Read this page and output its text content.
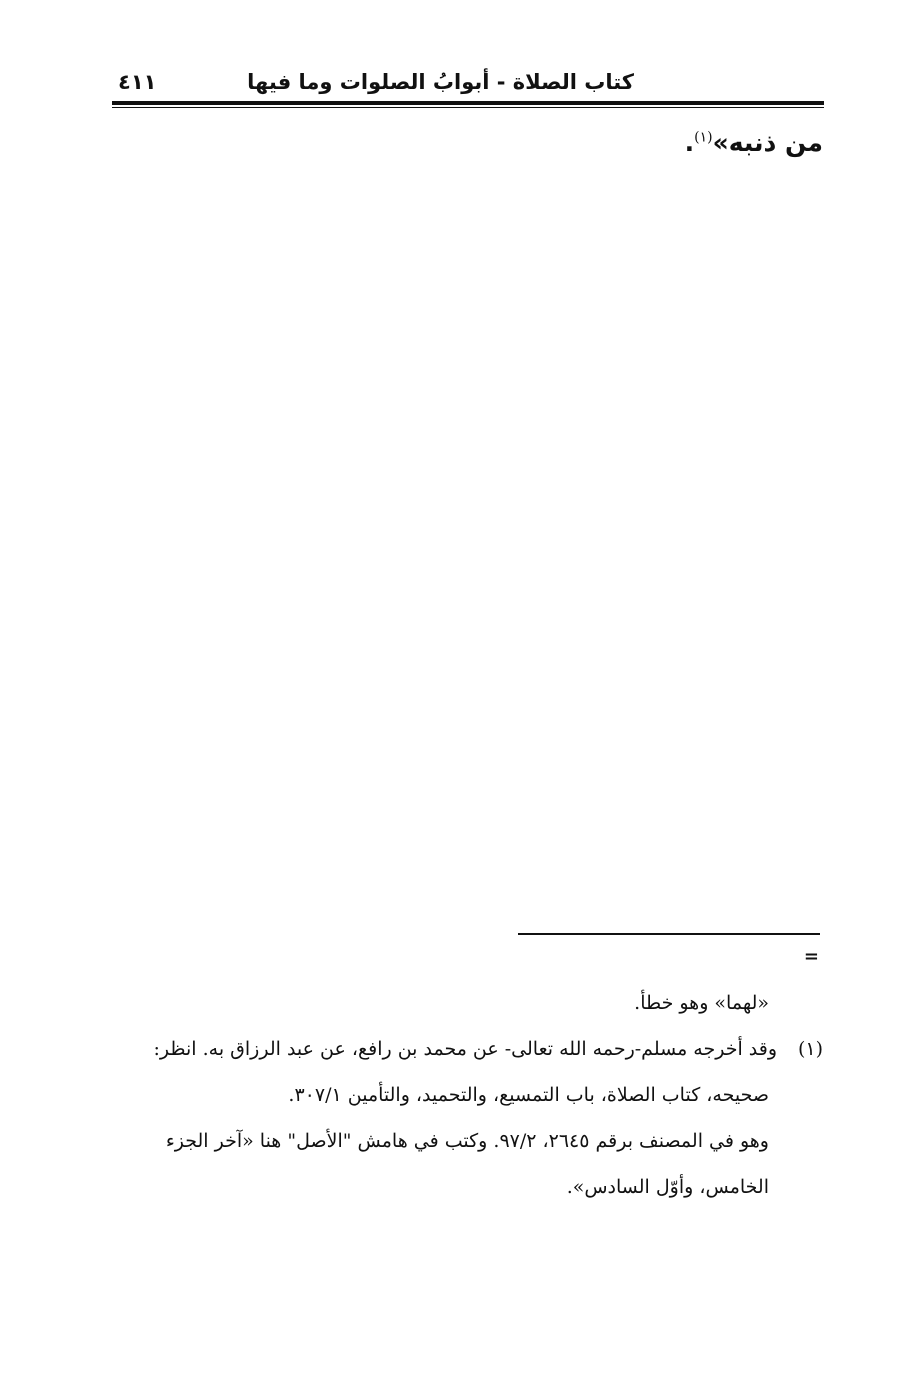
كتاب الصلاة - أبوابُ الصلوات وما فيها
٤١١
من ذنبه»$^{(١)}$.
=
«لهما» وهو خطأ.
(١)وقد أخرجه مسلم-رحمه الله تعالى- عن محمد بن رافع، عن عبد الرزاق به. انظر:
صحيحه، كتاب الصلاة، باب التمسيع، والتحميد، والتأمين ٣٠٧/١.
وهو في المصنف برقم ٢٦٤٥، ٩٧/٢. وكتب في هامش "الأصل" هنا «آخر الجزء
الخامس، وأوّل السادس».
